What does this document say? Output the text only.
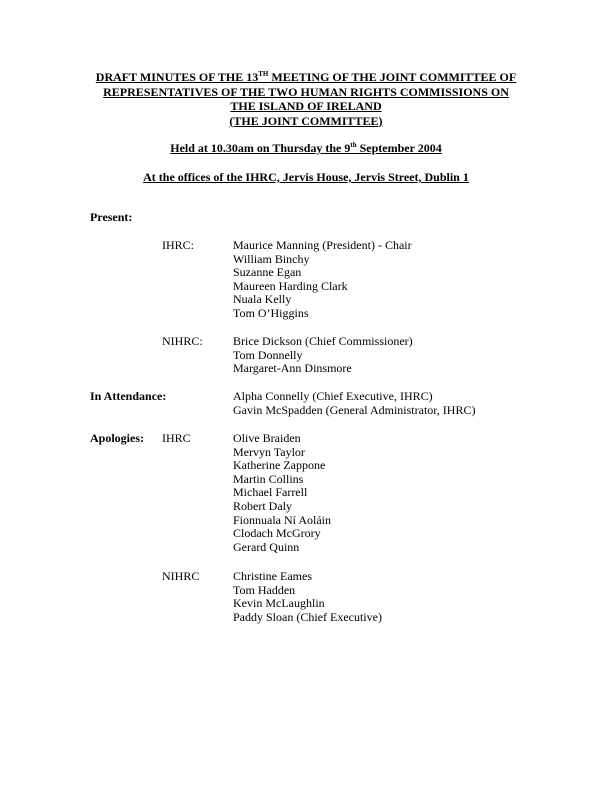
DRAFT MINUTES OF THE 13TH MEETING OF THE JOINT COMMITTEE OF
REPRESENTATIVES OF THE TWO HUMAN RIGHTS COMMISSIONS ON
THE ISLAND OF IRELAND
(THE JOINT COMMITTEE)
Held at 10.30am on Thursday the 9th September 2004
At the offices of the IHRC, Jervis House, Jervis Street, Dublin 1
Present:
IHRC:	Maurice Manning (President) - Chair
William Binchy
Suzanne Egan
Maureen Harding Clark
Nuala Kelly
Tom O’Higgins
NIHRC:	Brice Dickson (Chief Commissioner)
Tom Donnelly
Margaret-Ann Dinsmore
In Attendance:	Alpha Connelly (Chief Executive, IHRC)
Gavin McSpadden (General Administrator, IHRC)
Apologies: IHRC	Olive Braiden
Mervyn Taylor
Katherine Zappone
Martin Collins
Michael Farrell
Robert Daly
Fionnuala Ní Aoláin
Clodach McGrory
Gerard Quinn
NIHRC	Christine Eames
Tom Hadden
Kevin McLaughlin
Paddy Sloan (Chief Executive)
